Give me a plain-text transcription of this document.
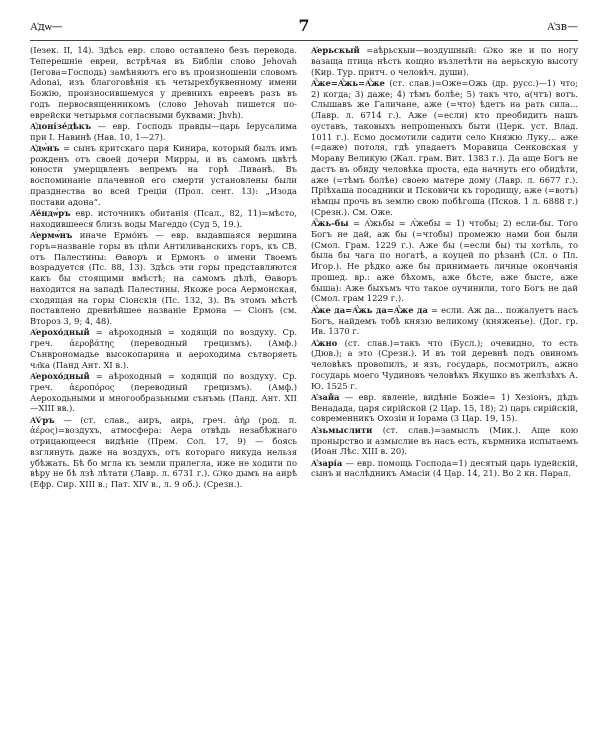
А҆дѡ—	7	А҆зв—

(Iезек. II, 14). Здѣсь евр. слово оставлено безъ перевода. Теперешніе евреи, встрѣчая въ Библіи слово Jehovah (Iегова=Господь) замѣняютъ его въ произношеніи словомъ Adonai, изъ благоговѣнія къ четырехбуквенному имени Божію, произносившемуся у древнихъ евреевъ разъ въ годъ первосвященникомъ (слово Jehovah пишется по-еврейски четырьмя согласными буквами: Jhvh).

А҆доні́зе́дѣкъ — евр. Господь правды—царь Iерусалима при I. Навинѣ (Нав. 10, 1—27).

А҆дѡ́нъ = сынъ критскаго царя Кинира, который былъ имъ рожденъ отъ своей дочери Мирры, и въ самомъ цвѣтѣ юности умерщвленъ вепремъ на горѣ Ливанѣ. Въ воспоминаніе плачевной его смерти установлены были празднества во всей Грецiи (Прол. сент. 13): „Изода постави адона“.

А҆е́ндѡ́ръ евр. источникъ обитанія (Псал., 82, 11)=мѣсто, находившееся близъ воды Магеддо (Суд 5, 19.).

А҆ермѡ́нъ иначе Ермо́нъ — евр. выдавшаяся вершина горъ=названіе горы въ цѣпи Антиливанскихъ горъ, къ СВ. отъ Палестины: Ѳаворъ и Ермонъ о имени Твоемъ возрадуется (Пс. 88, 13). Здѣсь эти горы представляются какъ бы стоящими вмѣстѣ; на самомъ дѣлѣ, Ѳаворъ находится на западѣ Палестины. Якоже роса Аермонская, сходящая на горы Сіонскія (Пс. 132, 3). Въ этомъ мѣстѣ поставлено древнѣйшее названіе Ермона — Сіонъ (см. Второз 3, 9; 4, 48).

А҆ерохо́дный = аѣроходный = ходящій по воздуху. Ср. греч. ἀεροβάτης (переводный грецизмъ). (Амф.) Сънврономадье высокопарина и аероходима сътворяеть чл҃ка (Панд Ант. XI в.).

А҆ерохо́дный = аѣроходный = ходящій по воздуху. Ср. греч. ἀεροπόρος (переводный грецизмъ). (Амф.) Аероходьными и многообразьными сънъмь (Панд. Ант. XII—XIII вв.).

А҆ѵ́ръ — (ст. слав., аиръ, аирь, греч. ἀήρ (род. п. ἀέρος)=воздухъ, атмосфера: Аера отвѣдь незабѣжнаго отрицающееся видѣніе (Прем. Сол. 17, 9) — боясь взглянуть даже на воздухъ, отъ котораго никуда нельзя убѣжать. Бѣ бо мгла къ земли прилегла, иже не ходити по вѣру не бѣ лзѣ лѣтати (Лавр. л. 6731 г.). Ѡко дымъ на аирѣ (Ефр. Сир. XIII в.; Пат. XIV в., л. 9 об.). (Срезн.).

А҆ерьскый =аѣрьскыи—воздушный: Ѡко же и по ногу вазаща птица нѣсть кощно възлетѣти на аерьскую высоту (Кир. Тур. притч. о человѣч. души).

А҆́же=А҆́жь=А҆́же (ст. слав.)=Оже=Ожь (др. русс.)—1) что; 2) когда; 3) даже; 4) тѣмъ болѣе; 5) такъ что, а(чтъ) вотъ. Слышавъ же Галичане, аже (=что) ѣдетъ на рать сила... (Лавр. л. 6714 г.). Аже (=если) кто преобидить нашъ оуставъ, таковыхъ непрощеныхъ быти (Церк. уст. Влад. 1011 г.). Есмо досмотили садити село Княжю Луку... аже (=даже) потоля, гдѣ упадаетъ Моравица Сенковская у Мораву Великую (Жал. грам. Вит. 1383 г.). Да аще Богъ не дастъ въ обиду человѣка проста, еда начнуть его обидѣти, аже (=тѣмъ болѣе) своею матере дому (Лавр. л. 6677 г.). Пріѣхаша посадники и Псковичи къ городищу, аже (=вотъ) нѣмцы прочь въ землю свою побѣгоша (Псков. 1 л. 6888 г.) (Срезн.). См. Оже.

А҆́жь-бы = А҆́жьбы = А҆́жебы = 1) чтобы; 2) если-бы. Того Богъ не дай, аж бы (=чтобы) промежю нами бои были (Смол. Грам. 1229 г.). Аже бы (=если бы) ты хотѣль, то была бы чага по ногатѣ, а коуцей по рѣзанѣ (Сл. о Пл. Игор.). Не рѣдко аже бы принимаеть личные окончанія прошед. вр.: аже бѣхомъ, аже бѣсте, аже бысте, аже быша): Аже быхъмъ что такое оучинили, того Богъ не дай (Смол. грам 1229 г.).

А҆́же да=А҆́жь да=А҆́же да = если. Аж да... пожалуетъ насъ Богъ, найдемъ тобѣ князю великому (княженье). (Дог. гр. Ив. 1370 г.

А҆жно (ст. слав.)=такъ что (Бусл.); очевидно, то есть (Дюв.); а это (Срезн.). И въ той деревнѣ подъ овиномъ человѣкъ провопилъ, и язъ, государь, посмотрилъ, ажно государь моего Чудиновъ человѣкъ Якушко въ желѣзѣхъ А. Ю. 1525 г.

А҆зайа — евр. явленіе, видѣніе Божіе= 1) Хезіонъ, дѣдъ Венадада, царя сирійской (2 Цар. 15, 18); 2) царь сирійскій, современникъ Охозіи и Iорама (3 Цар. 19, 15).

А҆зьмыслити (ст. слав.)=замыслъ (Мик.). Аще кою пронырство и азмыслие въ насъ есть, кърмника испытаемъ (Иоан Лѣс. XIII в. 20).

А҆зарі́а — евр. помощь Господа=1) десятый царь іудейскій, сынъ и наслѣдникъ Амасіи (4 Цар. 14, 21). Во 2 кн. Парал.
